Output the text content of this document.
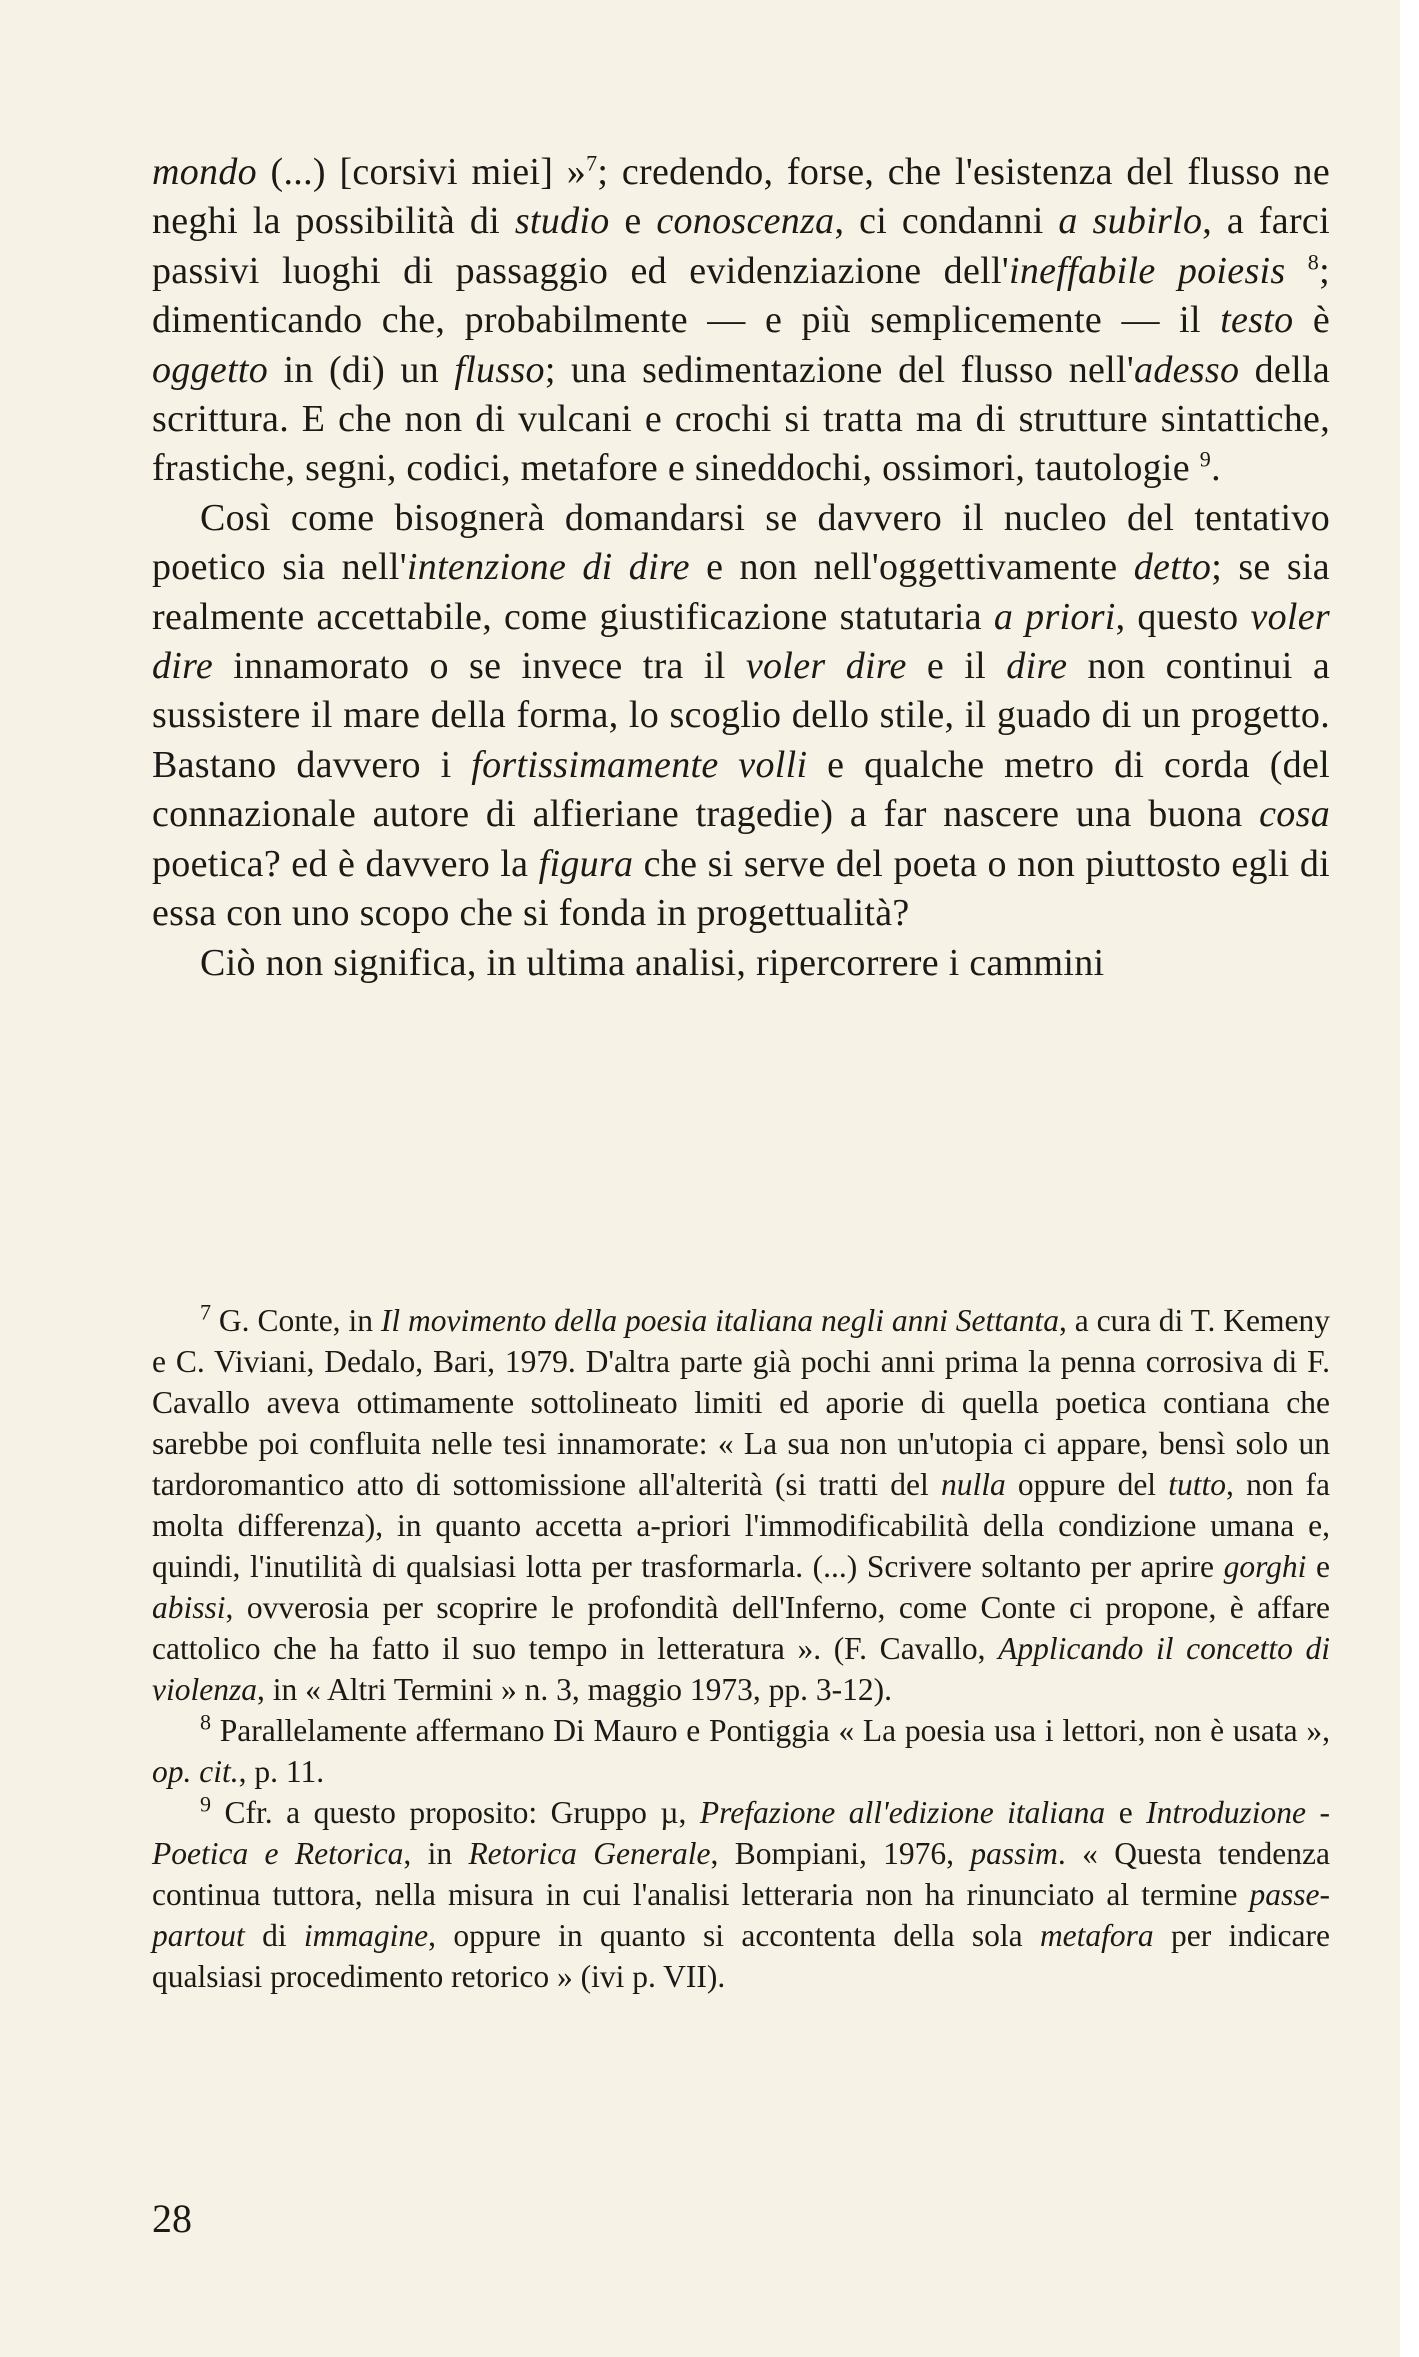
mondo (...) [corsivi miei] »$^7$; credendo, forse, che l'esistenza del flusso ne neghi la possibilità di studio e conoscenza, ci condanni a subirlo, a farci passivi luoghi di passaggio ed evidenziazione dell'ineffabile poiesis $^8$; dimenticando che, probabilmente — e più semplicemente — il testo è oggetto in (di) un flusso; una sedimentazione del flusso nell'adesso della scrittura. E che non di vulcani e crochi si tratta ma di strutture sintattiche, frastiche, segni, codici, metafore e sineddochi, ossimori, tautologie $^9$.

Così come bisognerà domandarsi se davvero il nucleo del tentativo poetico sia nell'intenzione di dire e non nell'oggettivamente detto; se sia realmente accettabile, come giustificazione statutaria a priori, questo voler dire innamorato o se invece tra il voler dire e il dire non continui a sussistere il mare della forma, lo scoglio dello stile, il guado di un progetto. Bastano davvero i fortissimamente volli e qualche metro di corda (del connazionale autore di alfieriane tragedie) a far nascere una buona cosa poetica? ed è davvero la figura che si serve del poeta o non piuttosto egli di essa con uno scopo che si fonda in progettualità?

Ciò non significa, in ultima analisi, ripercorrere i cammini

$^7$ G. Conte, in Il movimento della poesia italiana negli anni Settanta, a cura di T. Kemeny e C. Viviani, Dedalo, Bari, 1979. D'altra parte già pochi anni prima la penna corrosiva di F. Cavallo aveva ottimamente sottolineato limiti ed aporie di quella poetica contiana che sarebbe poi confluita nelle tesi innamorate: « La sua non un'utopia ci appare, bensì solo un tardoromantico atto di sottomissione all'alterità (si tratti del nulla oppure del tutto, non fa molta differenza), in quanto accetta a-priori l'immodificabilità della condizione umana e, quindi, l'inutilità di qualsiasi lotta per trasformarla. (...) Scrivere soltanto per aprire gorghi e abissi, ovverosia per scoprire le profondità dell'Inferno, come Conte ci propone, è affare cattolico che ha fatto il suo tempo in letteratura ». (F. Cavallo, Applicando il concetto di violenza, in « Altri Termini » n. 3, maggio 1973, pp. 3-12).

$^8$ Parallelamente affermano Di Mauro e Pontiggia « La poesia usa i lettori, non è usata », op. cit., p. 11.

$^9$ Cfr. a questo proposito: Gruppo µ, Prefazione all'edizione italiana e Introduzione - Poetica e Retorica, in Retorica Generale, Bompiani, 1976, passim. « Questa tendenza continua tuttora, nella misura in cui l'analisi letteraria non ha rinunciato al termine passe-partout di immagine, oppure in quanto si accontenta della sola metafora per indicare qualsiasi procedimento retorico » (ivi p. VII).

28
